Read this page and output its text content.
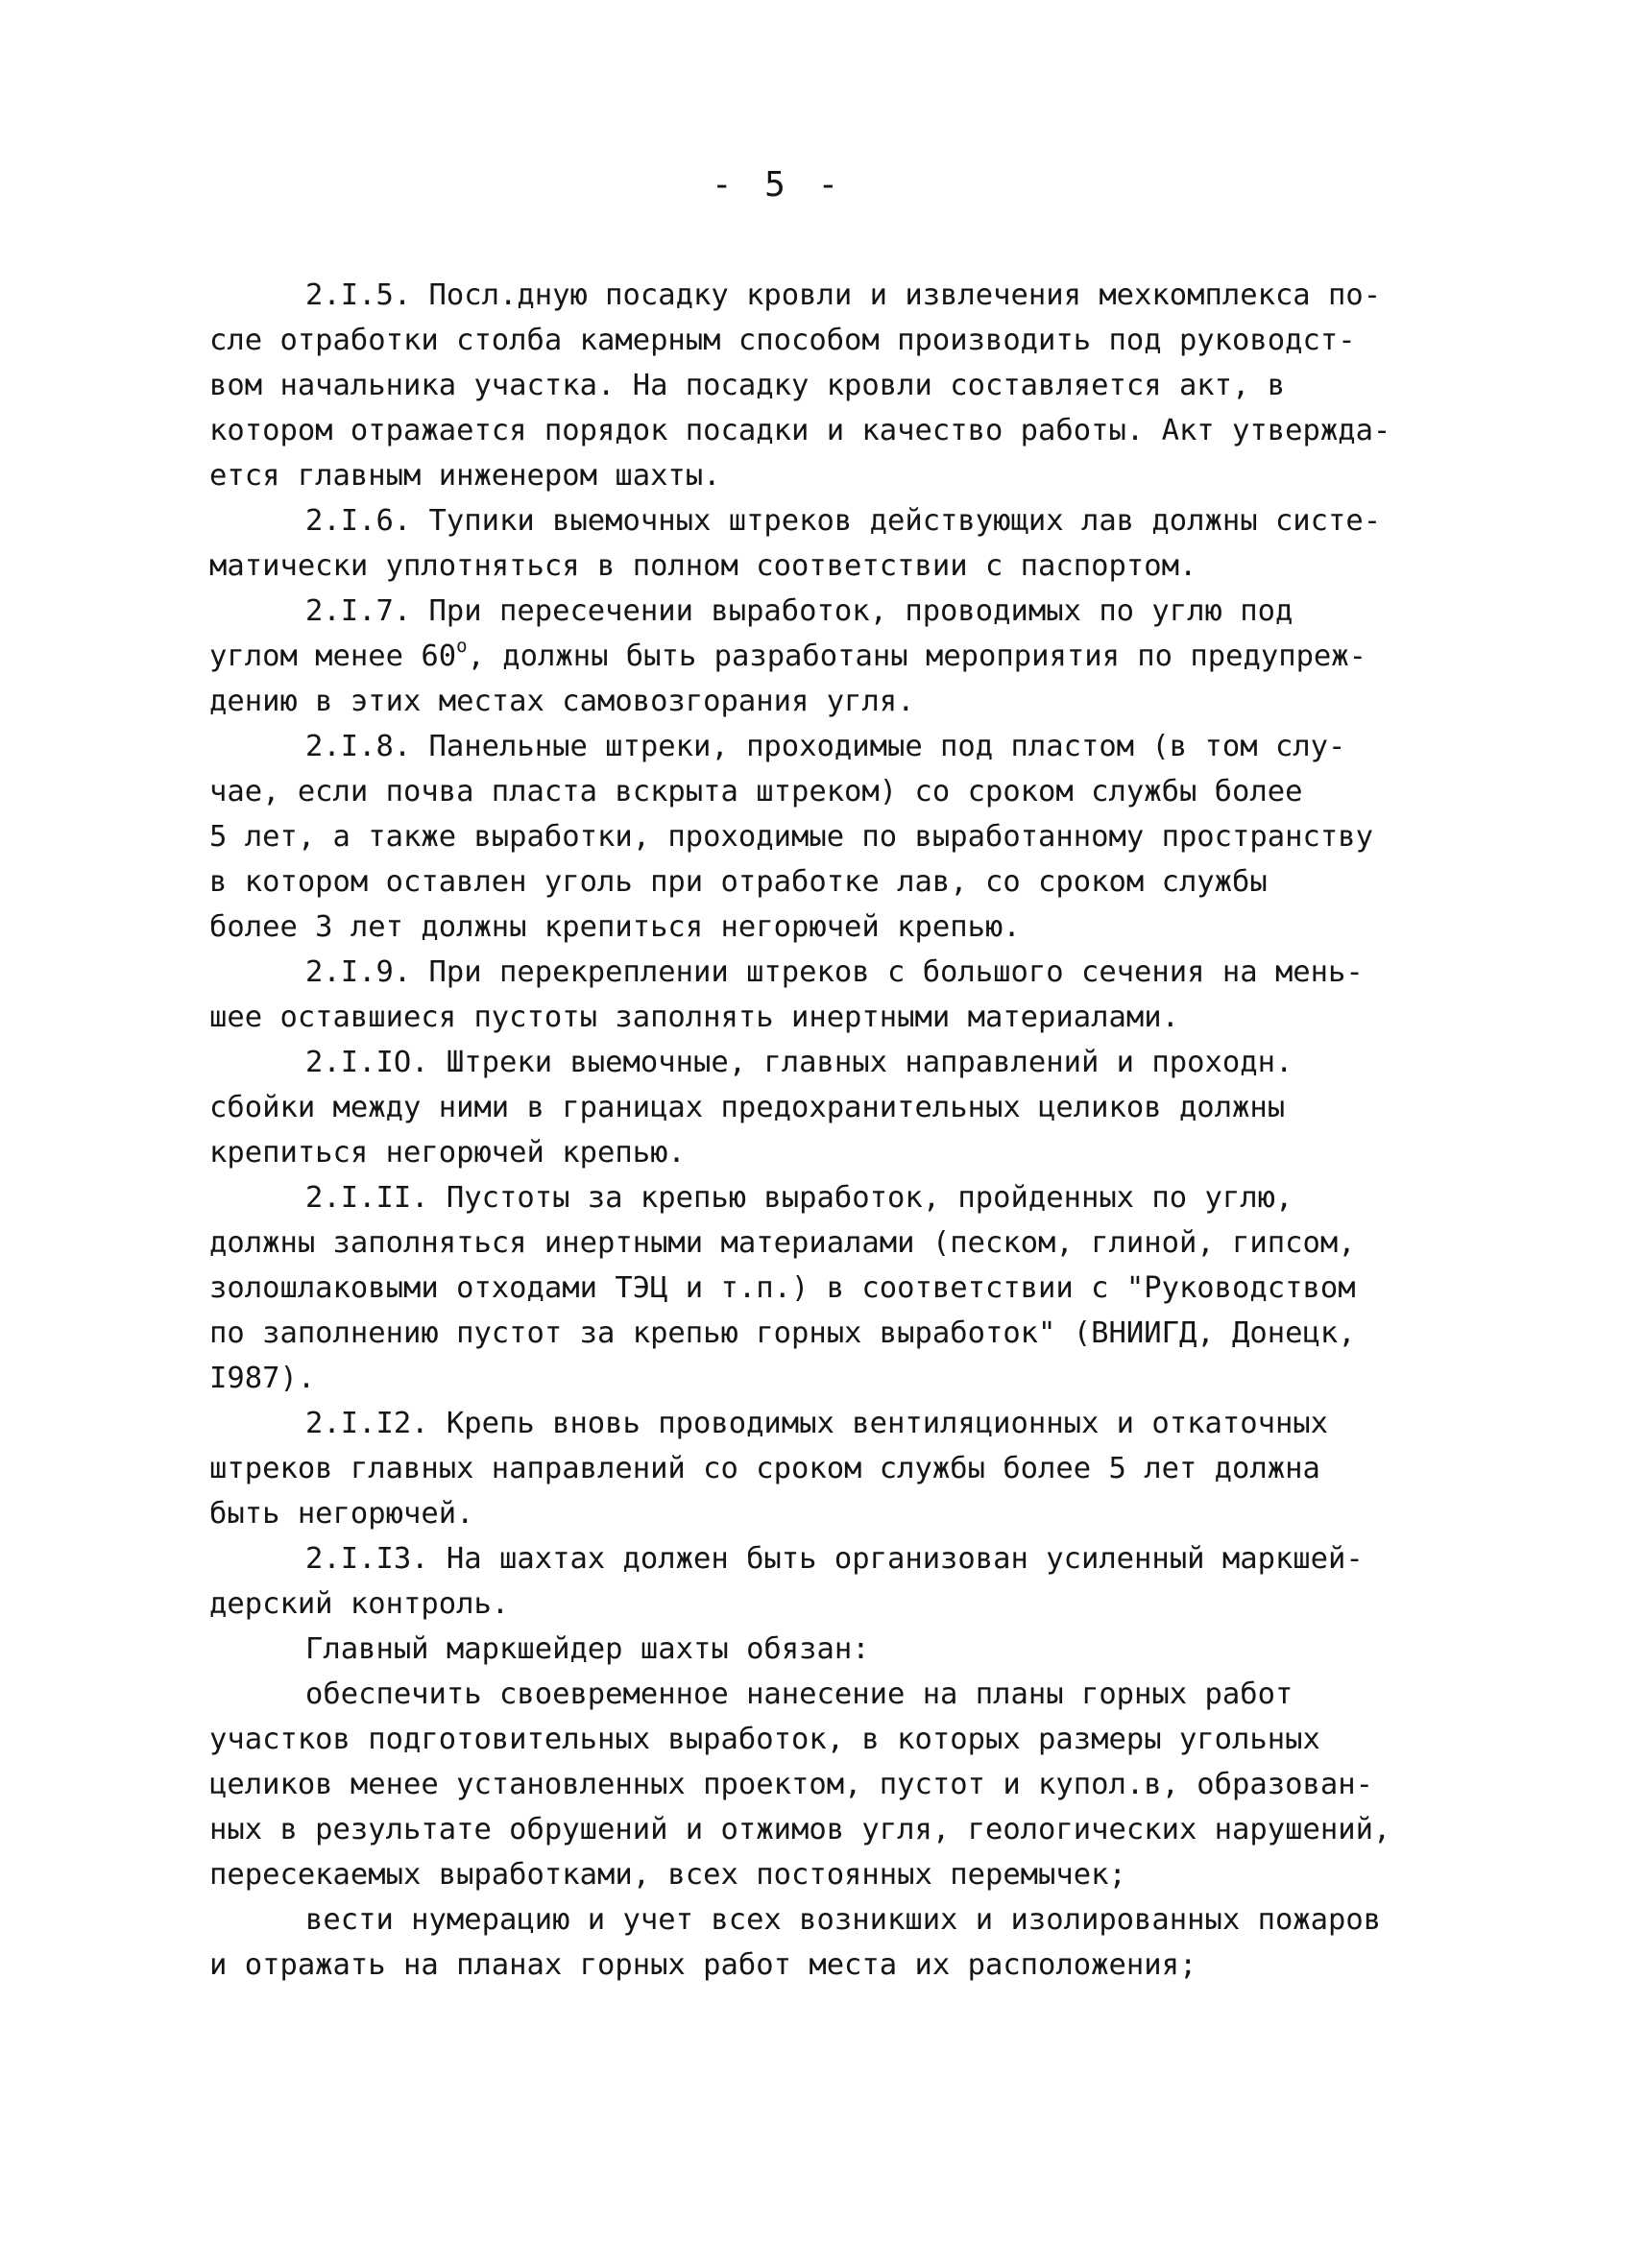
- 5 -
2.I.5. Посл.дную посадку кровли и извлечения мехкомплекса по-
сле отработки столба камерным способом производить под руководст-
вом начальника участка. На посадку кровли составляется акт, в
котором отражается порядок посадки и качество работы. Акт утвержда-
ется главным инженером шахты.
2.I.6. Тупики выемочных штреков действующих лав должны систе-
матически уплотняться в полном соответствии с паспортом.
2.I.7. При пересечении выработок, проводимых по углю под
углом менее $60^о$, должны быть разработаны мероприятия по предупреж-
дению в этих местах самовозгорания угля.
2.I.8. Панельные штреки, проходимые под пластом (в том слу-
чае, если почва пласта вскрыта штреком) со сроком службы более
5 лет, а также выработки, проходимые по выработанному пространству
в котором оставлен уголь при отработке лав, со сроком службы
более 3 лет должны крепиться негорючей крепью.
2.I.9. При перекреплении штреков с большого сечения на мень-
шее оставшиеся пустоты заполнять инертными материалами.
2.I.IO. Штреки выемочные, главных направлений и проходн.
сбойки между ними в границах предохранительных целиков должны
крепиться негорючей крепью.
2.I.II. Пустоты за крепью выработок, пройденных по углю,
должны заполняться инертными материалами (песком, глиной, гипсом,
золошлаковыми отходами ТЭЦ и т.п.) в соответствии с "Руководством
по заполнению пустот за крепью горных выработок" (ВНИИГД, Донецк,
I987).
2.I.I2. Крепь вновь проводимых вентиляционных и откаточных
штреков главных направлений со сроком службы более 5 лет должна
быть негорючей.
2.I.I3. На шахтах должен быть организован усиленный маркшей-
дерский контроль.
Главный маркшейдер шахты обязан:
обеспечить своевременное нанесение на планы горных работ
участков подготовительных выработок, в которых размеры угольных
целиков менее установленных проектом, пустот и купол.в, образован-
ных в результате обрушений и отжимов угля, геологических нарушений,
пересекаемых выработками, всех постоянных перемычек;
вести нумерацию и учет всех возникших и изолированных пожаров
и отражать на планах горных работ места их расположения;
